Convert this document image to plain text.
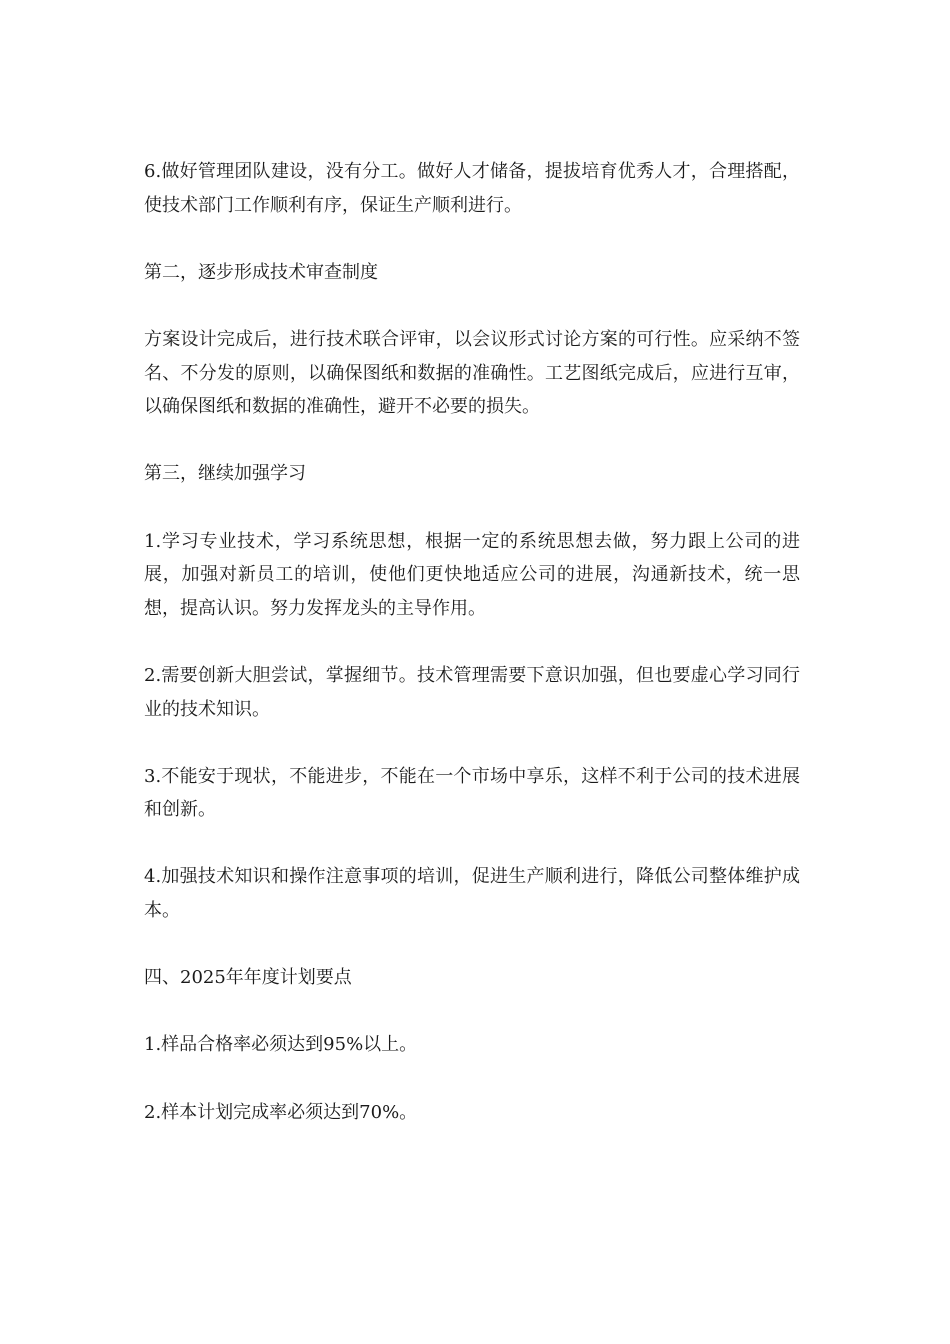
6.做好管理团队建设，没有分工。做好人才储备，提拔培育优秀人才，合理搭配，使技术部门工作顺利有序，保证生产顺利进行。

第二，逐步形成技术审查制度

方案设计完成后，进行技术联合评审，以会议形式讨论方案的可行性。应采纳不签名、不分发的原则，以确保图纸和数据的准确性。工艺图纸完成后，应进行互审，以确保图纸和数据的准确性，避开不必要的损失。

第三，继续加强学习

1.学习专业技术，学习系统思想，根据一定的系统思想去做，努力跟上公司的进展，加强对新员工的培训，使他们更快地适应公司的进展，沟通新技术，统一思想，提高认识。努力发挥龙头的主导作用。

2.需要创新大胆尝试，掌握细节。技术管理需要下意识加强，但也要虚心学习同行业的技术知识。

3.不能安于现状，不能进步，不能在一个市场中享乐，这样不利于公司的技术进展和创新。

4.加强技术知识和操作注意事项的培训，促进生产顺利进行，降低公司整体维护成本。

四、2025年年度计划要点

1.样品合格率必须达到95%以上。

2.样本计划完成率必须达到70%。
